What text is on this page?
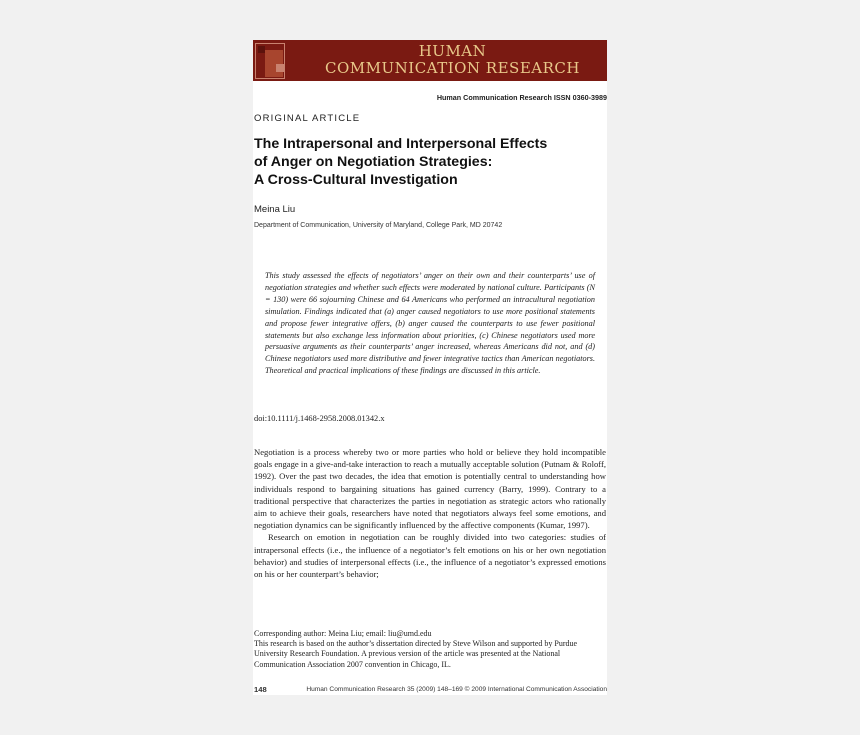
HUMAN
COMMUNICATION RESEARCH
Human Communication Research ISSN 0360-3989
ORIGINAL ARTICLE
The Intrapersonal and Interpersonal Effects
of Anger on Negotiation Strategies:
A Cross-Cultural Investigation
Meina Liu
Department of Communication, University of Maryland, College Park, MD 20742
This study assessed the effects of negotiators’ anger on their own and their counterparts’ use of negotiation strategies and whether such effects were moderated by national culture. Participants (N = 130) were 66 sojourning Chinese and 64 Americans who performed an intracultural negotiation simulation. Findings indicated that (a) anger caused negotiators to use more positional statements and propose fewer integrative offers, (b) anger caused the counterparts to use fewer positional statements but also exchange less information about priorities, (c) Chinese negotiators used more persuasive arguments as their counterparts’ anger increased, whereas Americans did not, and (d) Chinese negotiators used more distributive and fewer integrative tactics than American negotiators. Theoretical and practical implications of these findings are discussed in this article.
doi:10.1111/j.1468-2958.2008.01342.x

Negotiation is a process whereby two or more parties who hold or believe they hold incompatible goals engage in a give-and-take interaction to reach a mutually acceptable solution (Putnam & Roloff, 1992). Over the past two decades, the idea that emotion is potentially central to understanding how individuals respond to bargaining situations has gained currency (Barry, 1999). Contrary to a traditional perspective that characterizes the parties in negotiation as strategic actors who rationally aim to achieve their goals, researchers have noted that negotiators always feel some emotions, and negotiation dynamics can be significantly influenced by the affective components (Kumar, 1997).

Research on emotion in negotiation can be roughly divided into two categories: studies of intrapersonal effects (i.e., the influence of a negotiator’s felt emotions on his or her own negotiation behavior) and studies of interpersonal effects (i.e., the influence of a negotiator’s expressed emotions on his or her counterpart’s behavior;

Corresponding author: Meina Liu; email: liu@umd.edu

This research is based on the author’s dissertation directed by Steve Wilson and supported by Purdue University Research Foundation. A previous version of the article was presented at the National Communication Association 2007 convention in Chicago, IL.

148	Human Communication Research 35 (2009) 148–169 © 2009 International Communication Association
